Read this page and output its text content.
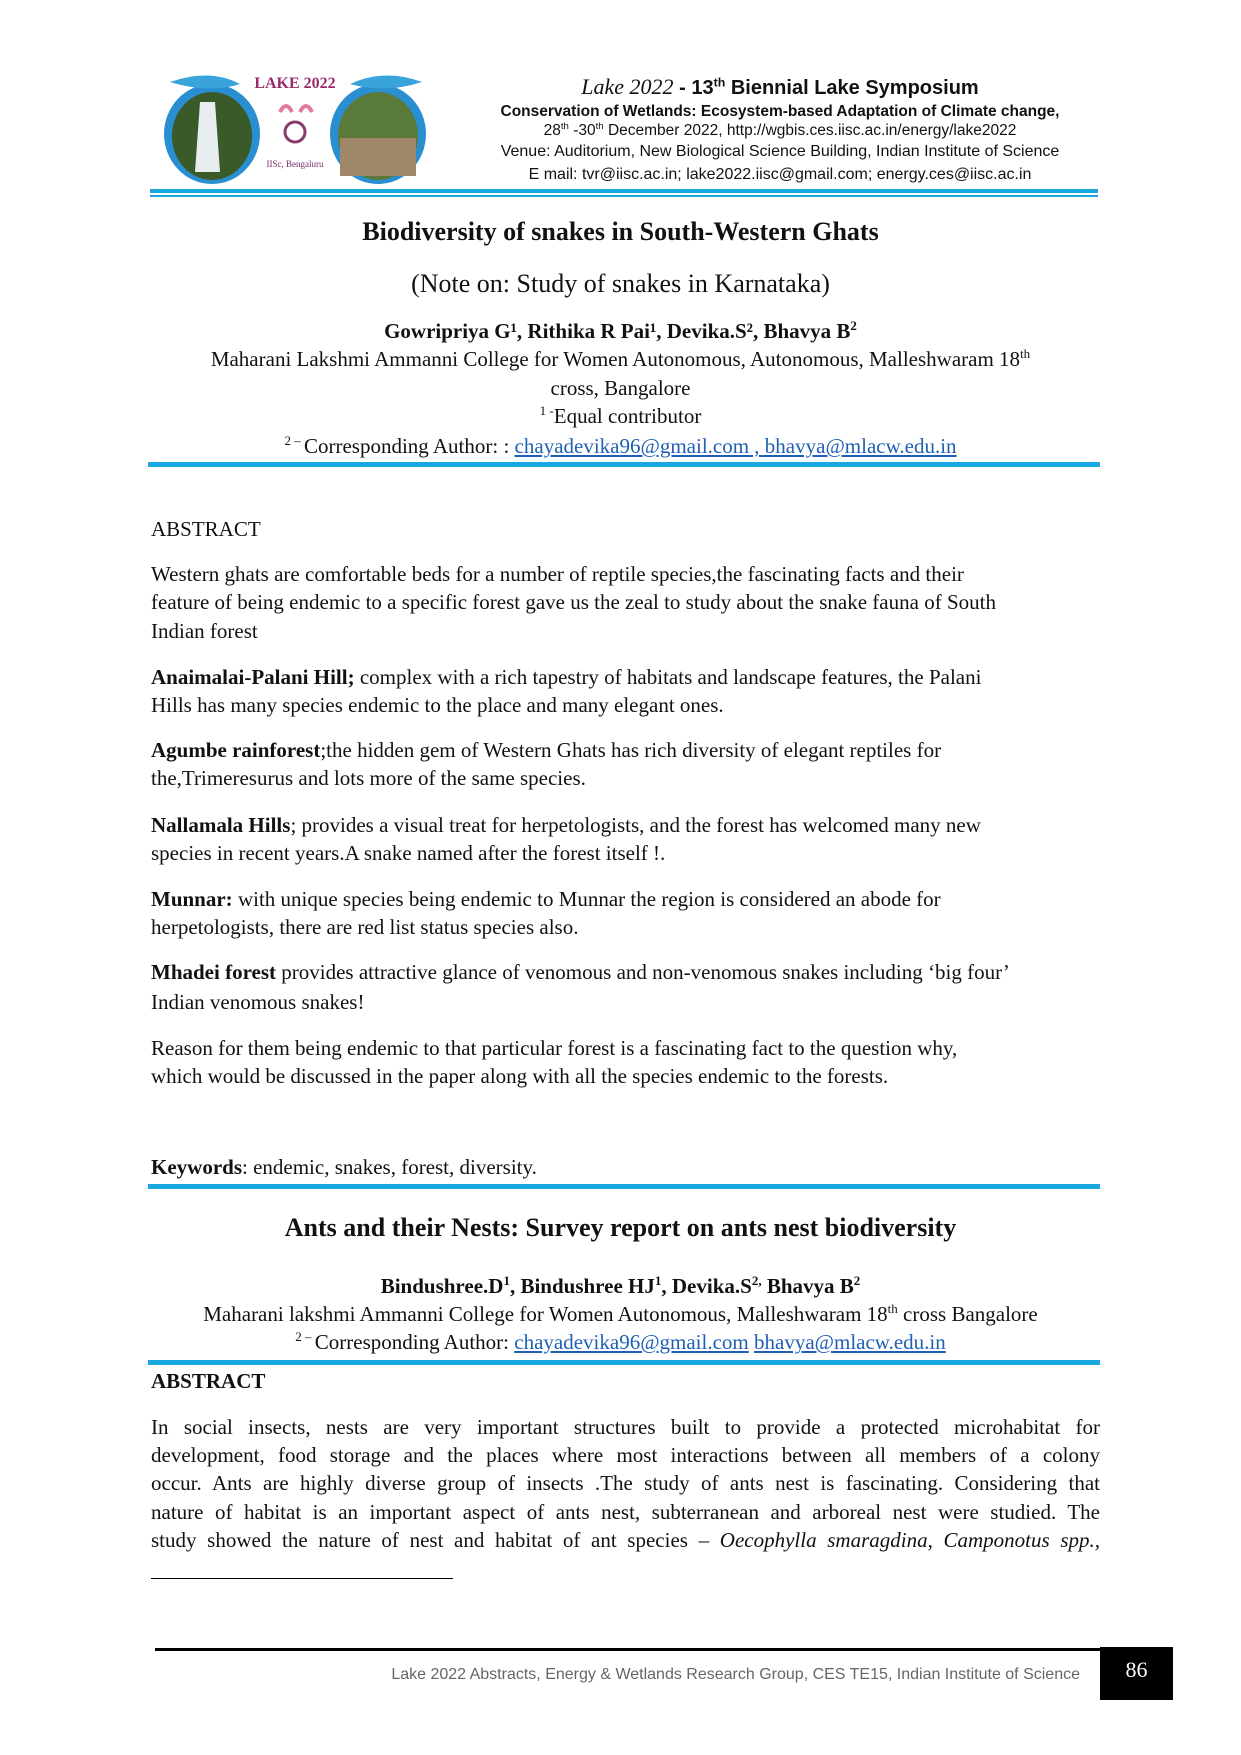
LAKE 2022
IISc, Bengaluru
Lake 2022 - 13th Biennial Lake Symposium
Conservation of Wetlands: Ecosystem-based Adaptation of Climate change,
28th -30th December 2022, http://wgbis.ces.iisc.ac.in/energy/lake2022
Venue: Auditorium, New Biological Science Building, Indian Institute of Science
E mail: tvr@iisc.ac.in; lake2022.iisc@gmail.com; energy.ces@iisc.ac.in
Biodiversity of snakes in South-Western Ghats
(Note on: Study of snakes in Karnataka)
Gowripriya G¹, Rithika R Pai¹, Devika.S², Bhavya $B^2$
Maharani Lakshmi Ammanni College for Women Autonomous, Autonomous, Malleshwaram 18th
cross, Bangalore
$^{1 -}$Equal contributor
$^{2 -}$ Corresponding Author: : chayadevika96@gmail.com , bhavya@mlacw.edu.in
ABSTRACT
Western ghats are comfortable beds for a number of reptile species,the fascinating facts and their
feature of being endemic to a specific forest gave us the zeal to study about the snake fauna of South
Indian forest
Anaimalai-Palani Hill; complex with a rich tapestry of habitats and landscape features, the Palani
Hills has many species endemic to the place and many elegant ones.
Agumbe rainforest;the hidden gem of Western Ghats has rich diversity of elegant reptiles for
the,Trimeresurus and lots more of the same species.
Nallamala Hills; provides a visual treat for herpetologists, and the forest has welcomed many new
species in recent years.A snake named after the forest itself !.
Munnar: with unique species being endemic to Munnar the region is considered an abode for
herpetologists, there are red list status species also.
Mhadei forest provides attractive glance of venomous and non-venomous snakes including ‘big four’
Indian venomous snakes!
Reason for them being endemic to that particular forest is a fascinating fact to the question why,
which would be discussed in the paper along with all the species endemic to the forests.
Keywords: endemic, snakes, forest, diversity.
Ants and their Nests: Survey report on ants nest biodiversity
$Bindushree.D^1$, Bindushree $HJ^1$, $Devika.S^{2,}$ Bhavya $B^2$
Maharani lakshmi Ammanni College for Women Autonomous, Malleshwaram 18th cross Bangalore
$^{2 -}$ Corresponding Author: chayadevika96@gmail.com bhavya@mlacw.edu.in
ABSTRACT
In social insects, nests are very important structures built to provide a protected microhabitat for
development, food storage and the places where most interactions between all members of a colony
occur. Ants are highly diverse group of insects .The study of ants nest is fascinating. Considering that
nature of habitat is an important aspect of ants nest, subterranean and arboreal nest were studied. The
study showed the nature of nest and habitat of ant species – Oecophylla smaragdina, Camponotus spp.,
Lake 2022 Abstracts, Energy & Wetlands Research Group, CES TE15, Indian Institute of Science	86
